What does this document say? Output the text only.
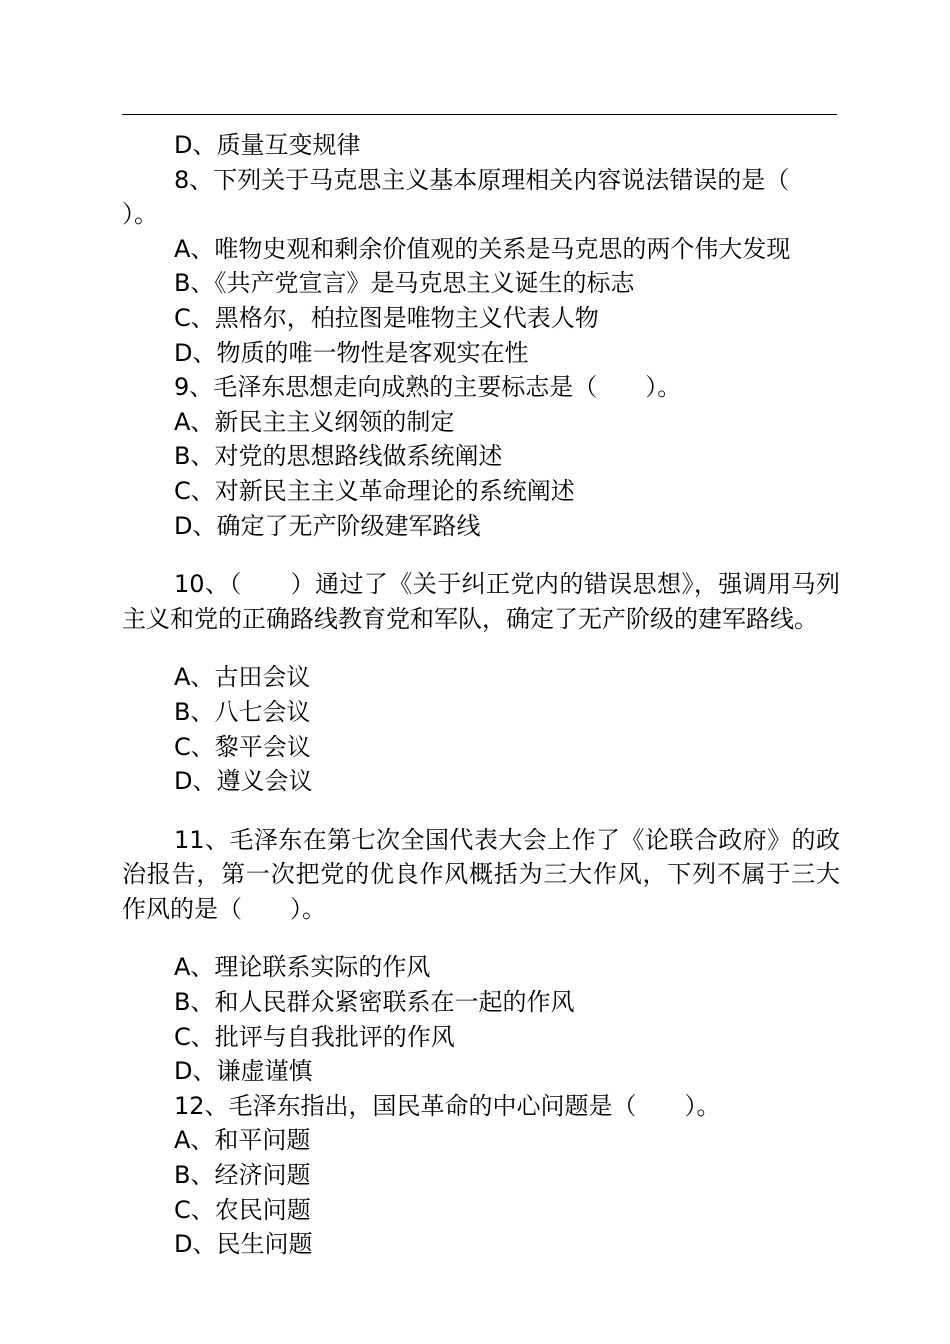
D、质量互变规律

8、下列关于马克思主义基本原理相关内容说法错误的是（

）。

A、唯物史观和剩余价值观的关系是马克思的两个伟大发现

B、《共产党宣言》是马克思主义诞生的标志

C、黑格尔，柏拉图是唯物主义代表人物

D、物质的唯一物性是客观实在性

9、毛泽东思想走向成熟的主要标志是（　　）。

A、新民主主义纲领的制定

B、对党的思想路线做系统阐述

C、对新民主主义革命理论的系统阐述

D、确定了无产阶级建军路线

10、（　　）通过了《关于纠正党内的错误思想》，强调用马列主义和党的正确路线教育党和军队，确定了无产阶级的建军路线。

A、古田会议

B、八七会议

C、黎平会议

D、遵义会议

11、毛泽东在第七次全国代表大会上作了《论联合政府》的政治报告，第一次把党的优良作风概括为三大作风，下列不属于三大作风的是（　　）。

A、理论联系实际的作风

B、和人民群众紧密联系在一起的作风

C、批评与自我批评的作风

D、谦虚谨慎

12、毛泽东指出，国民革命的中心问题是（　　）。

A、和平问题

B、经济问题

C、农民问题

D、民生问题
